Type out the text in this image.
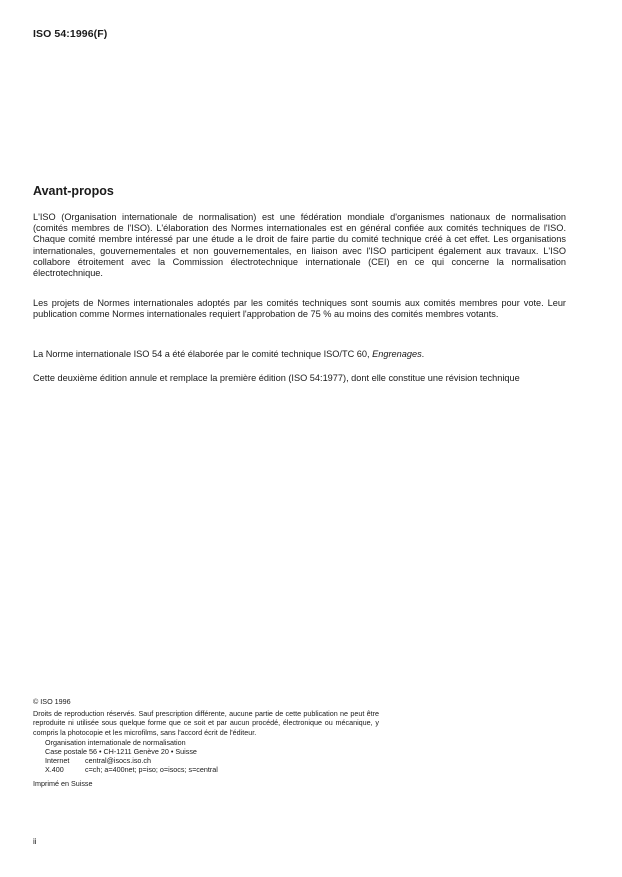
ISO 54:1996(F)
Avant-propos
L'ISO (Organisation internationale de normalisation) est une fédération mondiale d'organismes nationaux de normalisation (comités membres de l'ISO). L'élaboration des Normes internationales est en général confiée aux comités techniques de l'ISO. Chaque comité membre intéressé par une étude a le droit de faire partie du comité technique créé à cet effet. Les organisations internationales, gouvernementales et non gouvernementales, en liaison avec l'ISO participent également aux travaux. L'ISO collabore étroitement avec la Commission électrotechnique internationale (CEI) en ce qui concerne la normalisation électrotechnique.
Les projets de Normes internationales adoptés par les comités techniques sont soumis aux comités membres pour vote. Leur publication comme Normes internationales requiert l'approbation de 75 % au moins des comités membres votants.
La Norme internationale ISO 54 a été élaborée par le comité technique ISO/TC 60, Engrenages.
Cette deuxième édition annule et remplace la première édition (ISO 54:1977), dont elle constitue une révision technique
© ISO 1996
Droits de reproduction réservés. Sauf prescription différente, aucune partie de cette publication ne peut être reproduite ni utilisée sous quelque forme que ce soit et par aucun procédé, électronique ou mécanique, y compris la photocopie et les microfilms, sans l'accord écrit de l'éditeur.
Organisation internationale de normalisation
Case postale 56 • CH-1211 Genève 20 • Suisse
Internet	central@isocs.iso.ch
X.400	c=ch; a=400net; p=iso; o=isocs; s=central
Imprimé en Suisse
ii
